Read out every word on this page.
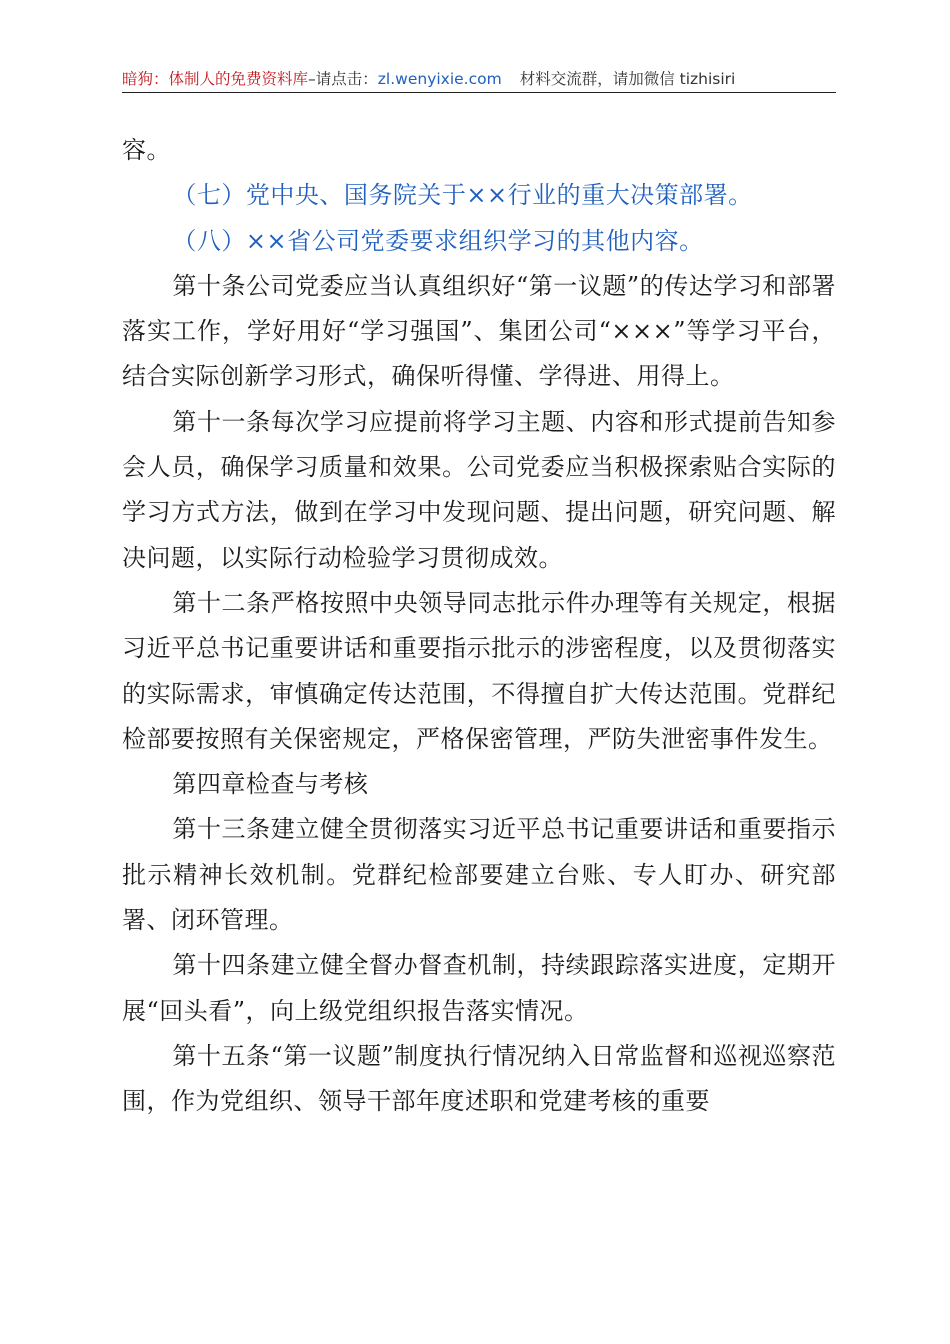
暗狗：体制人的免费资料库–请点击：zl.wenyixie.com 材料交流群，请加微信 tizhisiri

容。

（七）党中央、国务院关于××行业的重大决策部署。

（八）××省公司党委要求组织学习的其他内容。

第十条公司党委应当认真组织好“第一议题”的传达学习和部署落实工作，学好用好“学习强国”、集团公司“×××”等学习平台，结合实际创新学习形式，确保听得懂、学得进、用得上。

第十一条每次学习应提前将学习主题、内容和形式提前告知参会人员，确保学习质量和效果。公司党委应当积极探索贴合实际的学习方式方法，做到在学习中发现问题、提出问题，研究问题、解决问题，以实际行动检验学习贯彻成效。

第十二条严格按照中央领导同志批示件办理等有关规定，根据习近平总书记重要讲话和重要指示批示的涉密程度，以及贯彻落实的实际需求，审慎确定传达范围，不得擅自扩大传达范围。党群纪检部要按照有关保密规定，严格保密管理，严防失泄密事件发生。

第四章检查与考核

第十三条建立健全贯彻落实习近平总书记重要讲话和重要指示批示精神长效机制。党群纪检部要建立台账、专人盯办、研究部署、闭环管理。

第十四条建立健全督办督查机制，持续跟踪落实进度，定期开展“回头看”，向上级党组织报告落实情况。

第十五条“第一议题”制度执行情况纳入日常监督和巡视巡察范围，作为党组织、领导干部年度述职和党建考核的重要
